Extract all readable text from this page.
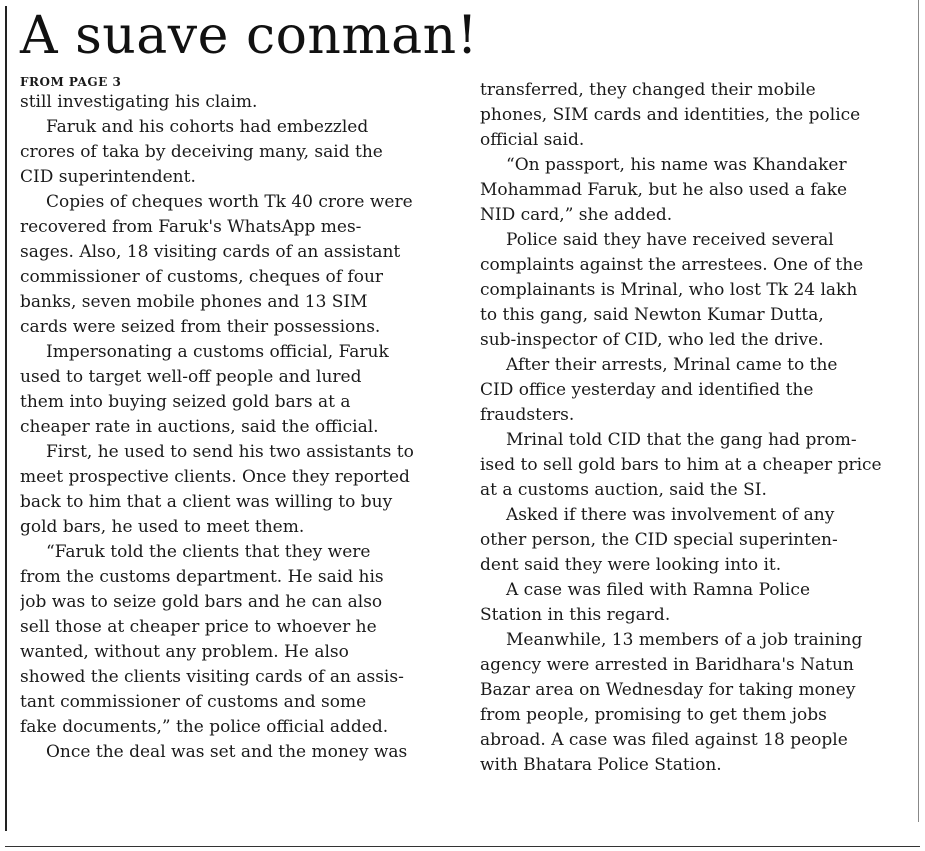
A suave conman!
FROM PAGE 3
still investigating his claim.
Faruk and his cohorts had embezzled
crores of taka by deceiving many, said the
CID superintendent.
Copies of cheques worth Tk 40 crore were
recovered from Faruk's WhatsApp mes-
sages. Also, 18 visiting cards of an assistant
commissioner of customs, cheques of four
banks, seven mobile phones and 13 SIM
cards were seized from their possessions.
Impersonating a customs official, Faruk
used to target well-off people and lured
them into buying seized gold bars at a
cheaper rate in auctions, said the official.
First, he used to send his two assistants to
meet prospective clients. Once they reported
back to him that a client was willing to buy
gold bars, he used to meet them.
“Faruk told the clients that they were
from the customs department. He said his
job was to seize gold bars and he can also
sell those at cheaper price to whoever he
wanted, without any problem. He also
showed the clients visiting cards of an assis-
tant commissioner of customs and some
fake documents,” the police official added.
Once the deal was set and the money was
transferred, they changed their mobile
phones, SIM cards and identities, the police
official said.
“On passport, his name was Khandaker
Mohammad Faruk, but he also used a fake
NID card,” she added.
Police said they have received several
complaints against the arrestees. One of the
complainants is Mrinal, who lost Tk 24 lakh
to this gang, said Newton Kumar Dutta,
sub-inspector of CID, who led the drive.
After their arrests, Mrinal came to the
CID office yesterday and identified the
fraudsters.
Mrinal told CID that the gang had prom-
ised to sell gold bars to him at a cheaper price
at a customs auction, said the SI.
Asked if there was involvement of any
other person, the CID special superinten-
dent said they were looking into it.
A case was filed with Ramna Police
Station in this regard.
Meanwhile, 13 members of a job training
agency were arrested in Baridhara's Natun
Bazar area on Wednesday for taking money
from people, promising to get them jobs
abroad. A case was filed against 18 people
with Bhatara Police Station.
